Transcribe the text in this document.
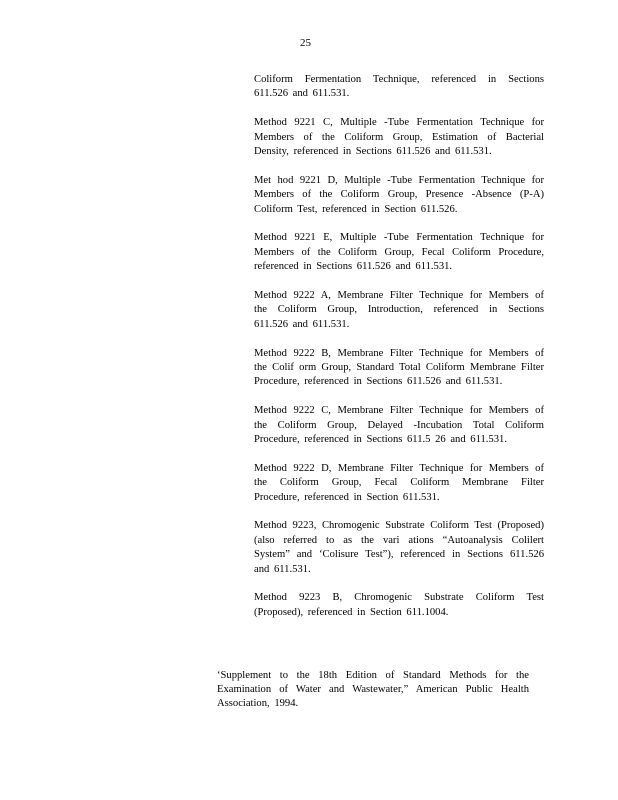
25

Coliform Fermentation Technique, referenced in Sections 611.526 and 611.531.

Method 9221 C, Multiple -Tube Fermentation Technique for Members of the Coliform Group, Estimation of Bacterial Density, referenced in Sections 611.526 and 611.531.

Met hod 9221 D, Multiple -Tube Fermentation Technique for Members of the Coliform Group, Presence -Absence (P-A) Coliform Test, referenced in Section 611.526.

Method 9221 E, Multiple -Tube Fermentation Technique for Members of the Coliform Group, Fecal Coliform Procedure, referenced in Sections 611.526 and 611.531.

Method 9222 A, Membrane Filter Technique for Members of the Coliform Group, Introduction, referenced in Sections 611.526 and 611.531.

Method 9222 B, Membrane Filter Technique for Members of the Colif orm Group, Standard Total Coliform Membrane Filter Procedure, referenced in Sections 611.526 and 611.531.

Method 9222 C, Membrane Filter Technique for Members of the Coliform Group, Delayed -Incubation Total Coliform Procedure, referenced in Sections 611.5 26 and 611.531.

Method 9222 D, Membrane Filter Technique for Members of the Coliform Group, Fecal Coliform Membrane Filter Procedure, referenced in Section 611.531.

Method 9223, Chromogenic Substrate Coliform Test (Proposed) (also referred to as the vari ations “Autoanalysis Colilert System” and ‘Colisure Test”), referenced in Sections 611.526 and 611.531.

Method 9223 B, Chromogenic Substrate Coliform Test (Proposed), referenced in Section 611.1004.

‘Supplement to the 18th Edition of Standard Methods for the Examination of Water and Wastewater,” American Public Health Association, 1994.
